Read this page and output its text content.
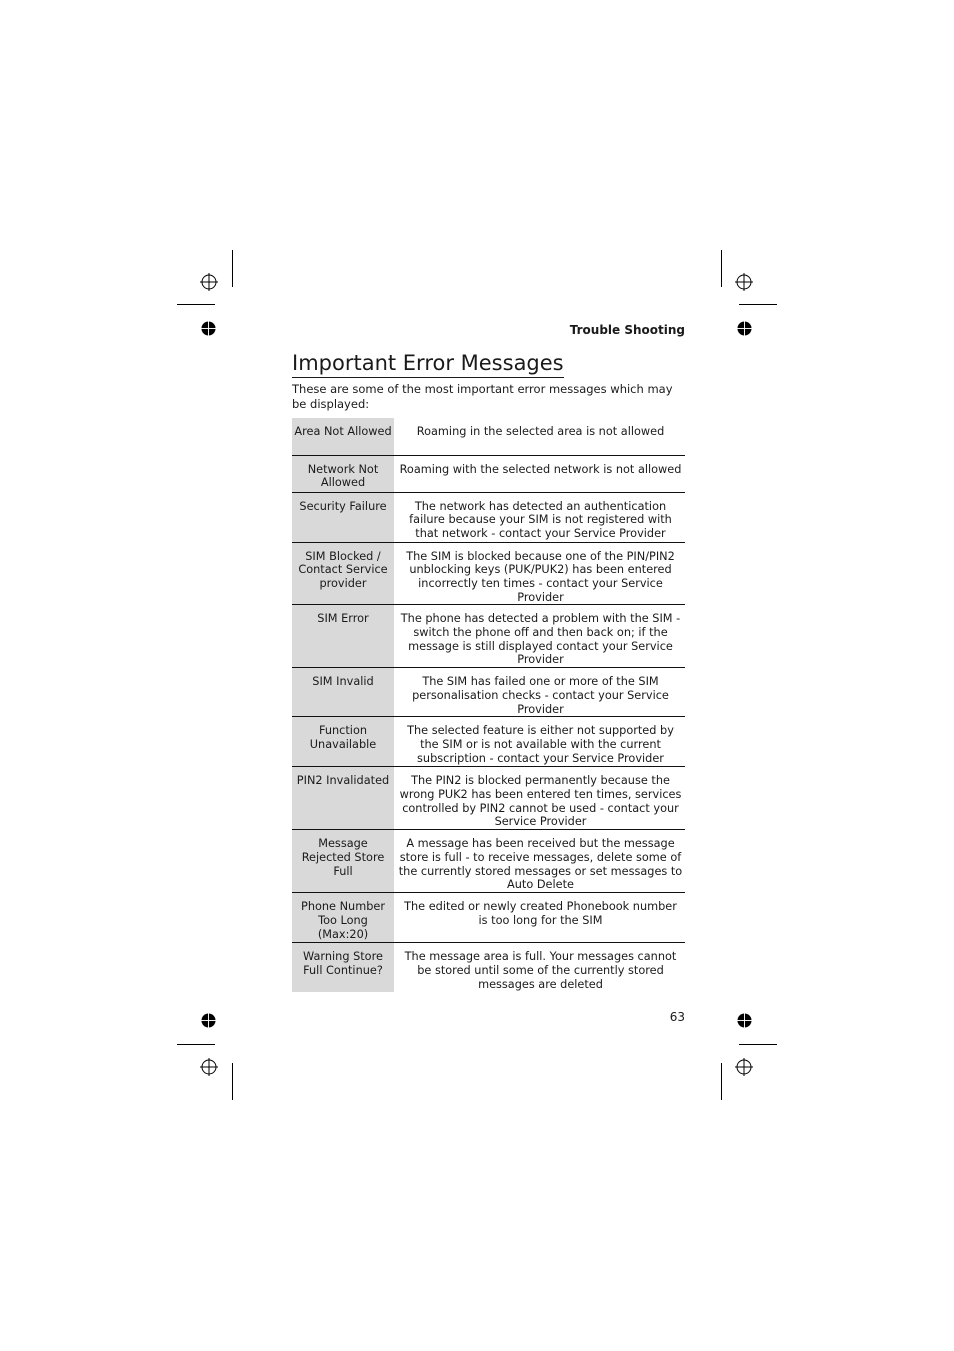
Trouble Shooting
Important Error Messages
These are some of the most important error messages which may be displayed:
Area Not Allowed	Roaming in the selected area is not allowed
Network Not Allowed	Roaming with the selected network is not allowed
Security Failure	The network has detected an authentication failure because your SIM is not registered with that network - contact your Service Provider
SIM Blocked / Contact Service provider	The SIM is blocked because one of the PIN/PIN2 unblocking keys (PUK/PUK2) has been entered incorrectly ten times - contact your Service Provider
SIM Error	The phone has detected a problem with the SIM - switch the phone off and then back on; if the message is still displayed contact your Service Provider
SIM Invalid	The SIM has failed one or more of the SIM personalisation checks - contact your Service Provider
Function Unavailable	The selected feature is either not supported by the SIM or is not available with the current subscription - contact your Service Provider
PIN2 Invalidated	The PIN2 is blocked permanently because the wrong PUK2 has been entered ten times, services controlled by PIN2 cannot be used - contact your Service Provider
Message Rejected Store Full	A message has been received but the message store is full - to receive messages, delete some of the currently stored messages or set messages to Auto Delete
Phone Number Too Long (Max:20)	The edited or newly created Phonebook number is too long for the SIM
Warning Store Full Continue?	The message area is full. Your messages cannot be stored until some of the currently stored messages are deleted
63
